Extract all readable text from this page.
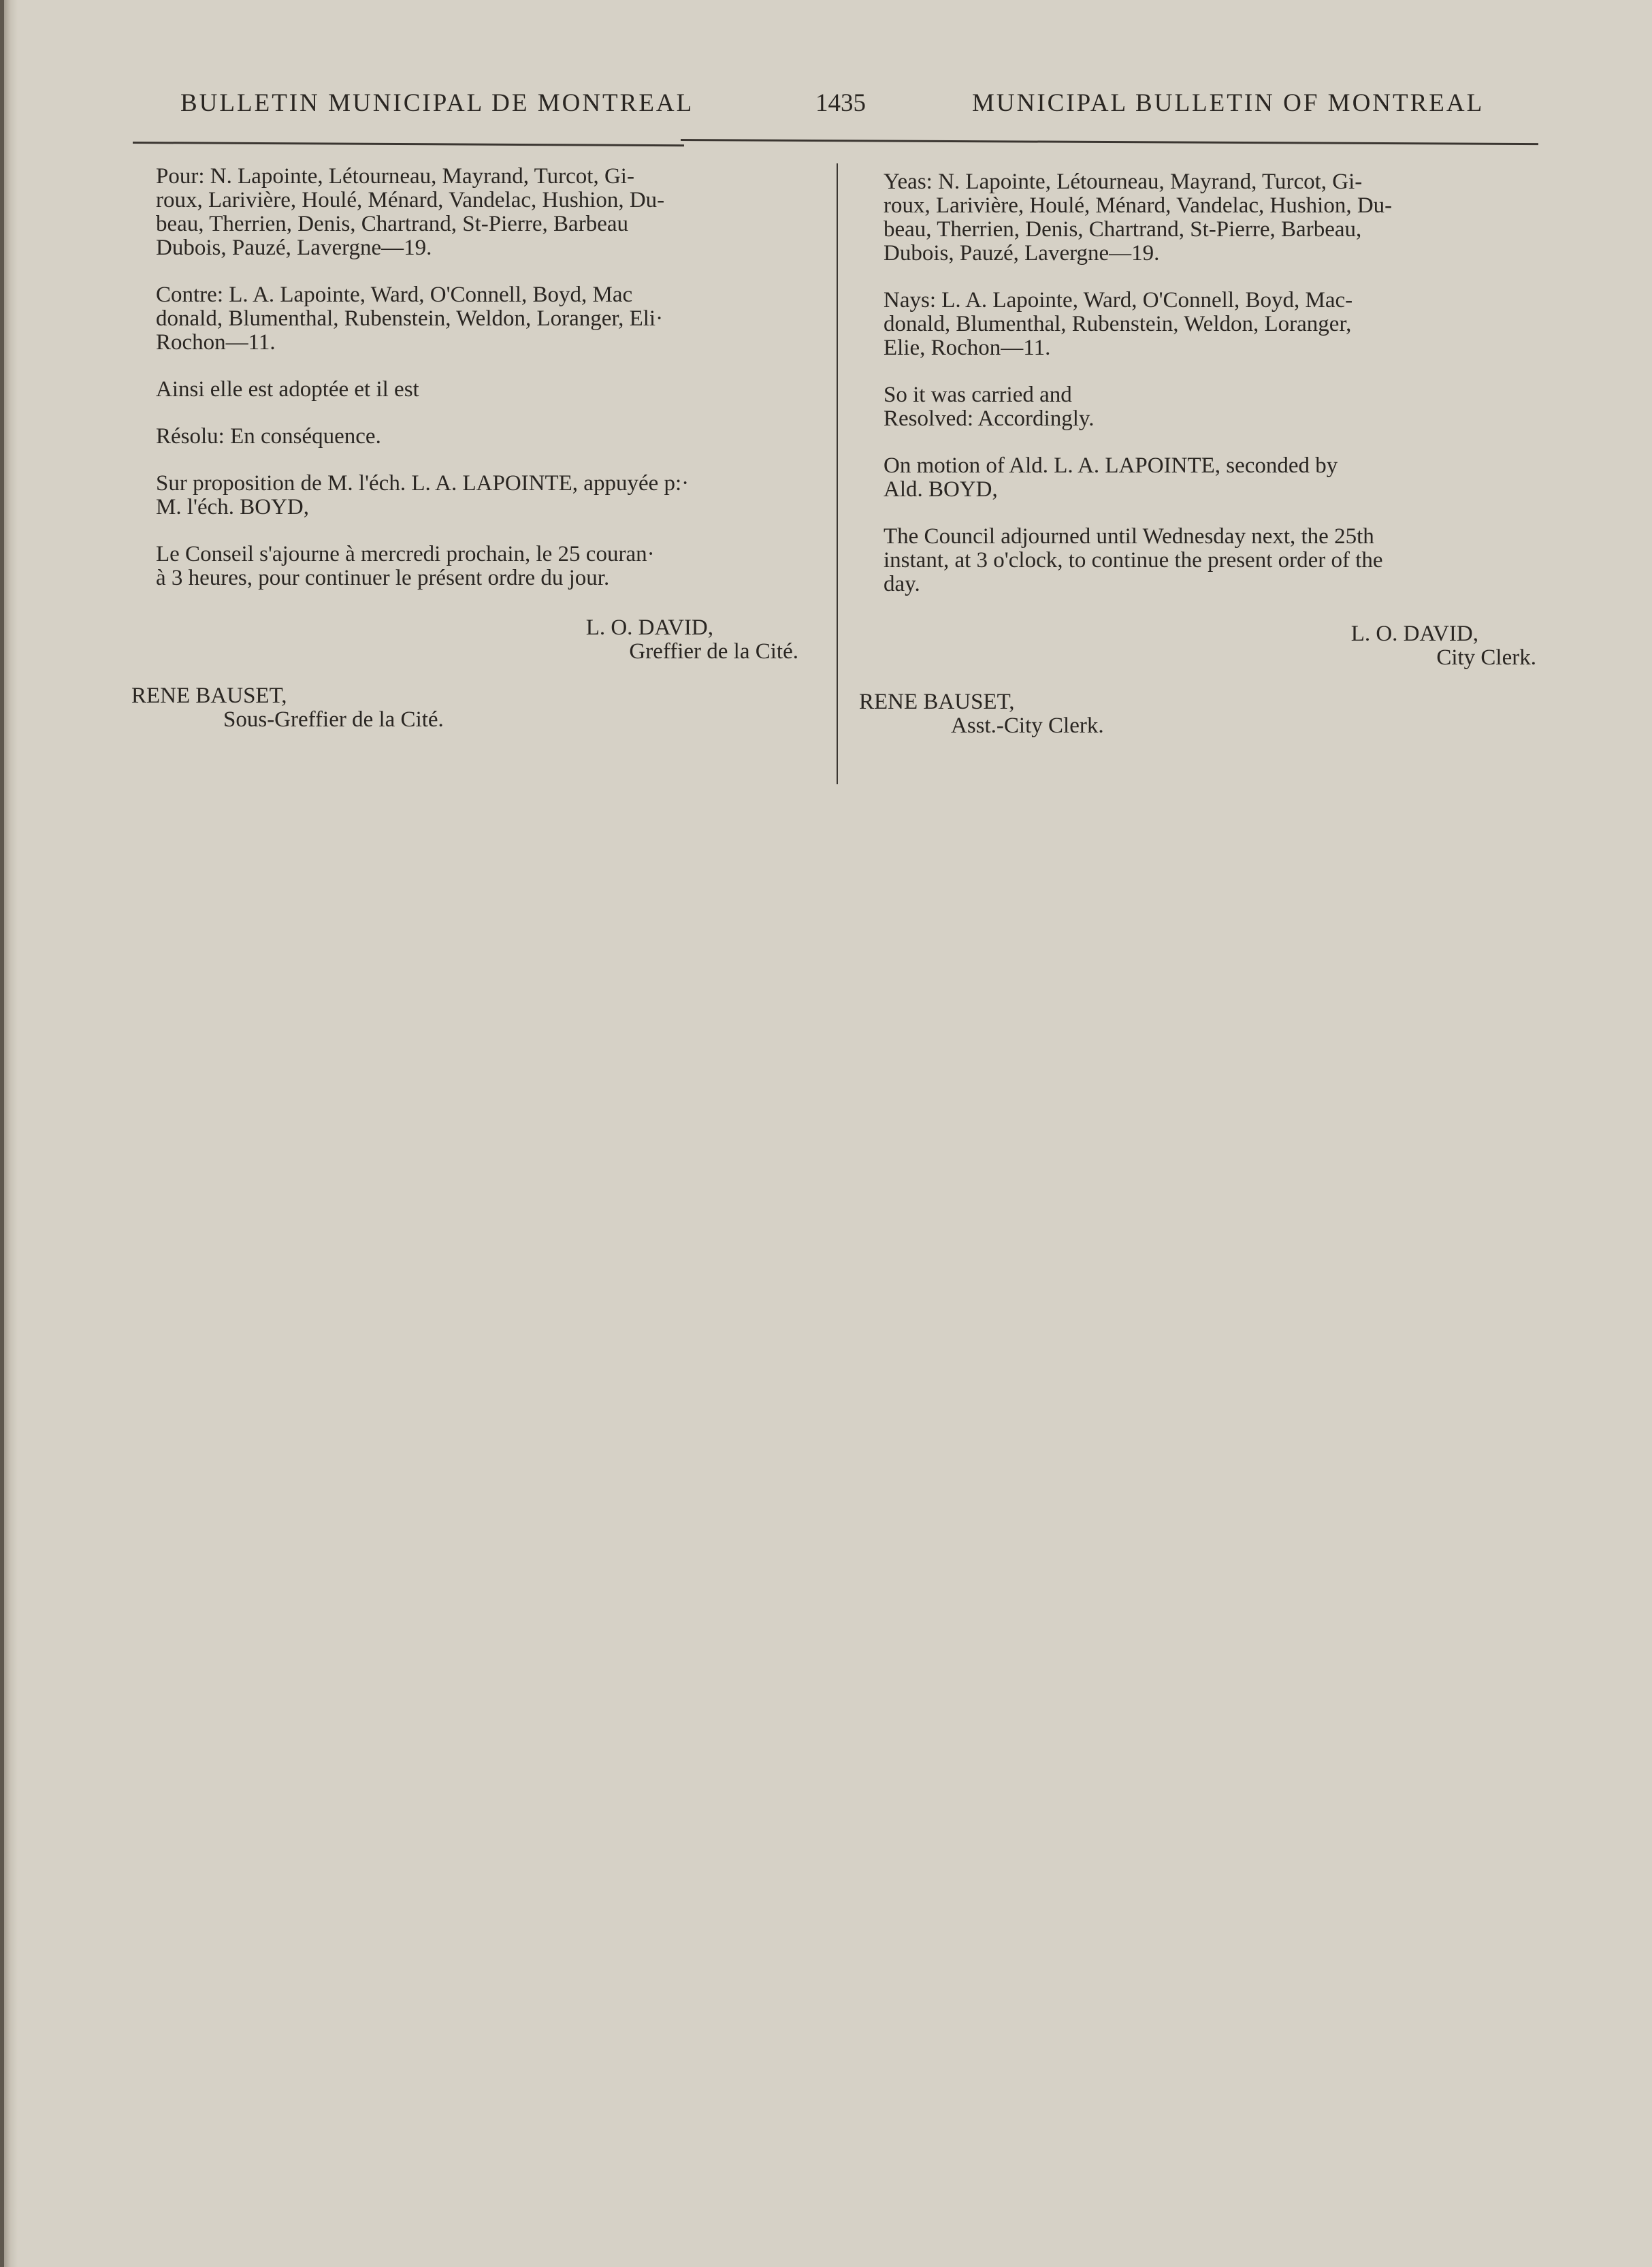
BULLETIN MUNICIPAL DE MONTREAL	1435	MUNICIPAL BULLETIN OF MONTREAL

Pour: N. Lapointe, Létourneau, Mayrand, Turcot, Gi-
roux, Larivière, Houlé, Ménard, Vandelac, Hushion, Du-
beau, Therrien, Denis, Chartrand, St-Pierre, Barbeau
Dubois, Pauzé, Lavergne—19.

Contre: L. A. Lapointe, Ward, O'Connell, Boyd, Mac
donald, Blumenthal, Rubenstein, Weldon, Loranger, Eli·
Rochon—11.

Ainsi elle est adoptée et il est

Résolu: En conséquence.

Sur proposition de M. l'éch. L. A. LAPOINTE, appuyée p:·
M. l'éch. BOYD,

Le Conseil s'ajourne à mercredi prochain, le 25 couran·
à 3 heures, pour continuer le présent ordre du jour.

L. O. DAVID,

Greffier de la Cité.

RENE BAUSET,

Sous-Greffier de la Cité.

Yeas: N. Lapointe, Létourneau, Mayrand, Turcot, Gi-
roux, Larivière, Houlé, Ménard, Vandelac, Hushion, Du-
beau, Therrien, Denis, Chartrand, St-Pierre, Barbeau,
Dubois, Pauzé, Lavergne—19.

Nays: L. A. Lapointe, Ward, O'Connell, Boyd, Mac-
donald, Blumenthal, Rubenstein, Weldon, Loranger,
Elie, Rochon—11.

So it was carried and
Resolved: Accordingly.

On motion of Ald. L. A. LAPOINTE, seconded by
Ald. BOYD,

The Council adjourned until Wednesday next, the 25th
instant, at 3 o'clock, to continue the present order of the
day.

L. O. DAVID,

City Clerk.

RENE BAUSET,

Asst.-City Clerk.
